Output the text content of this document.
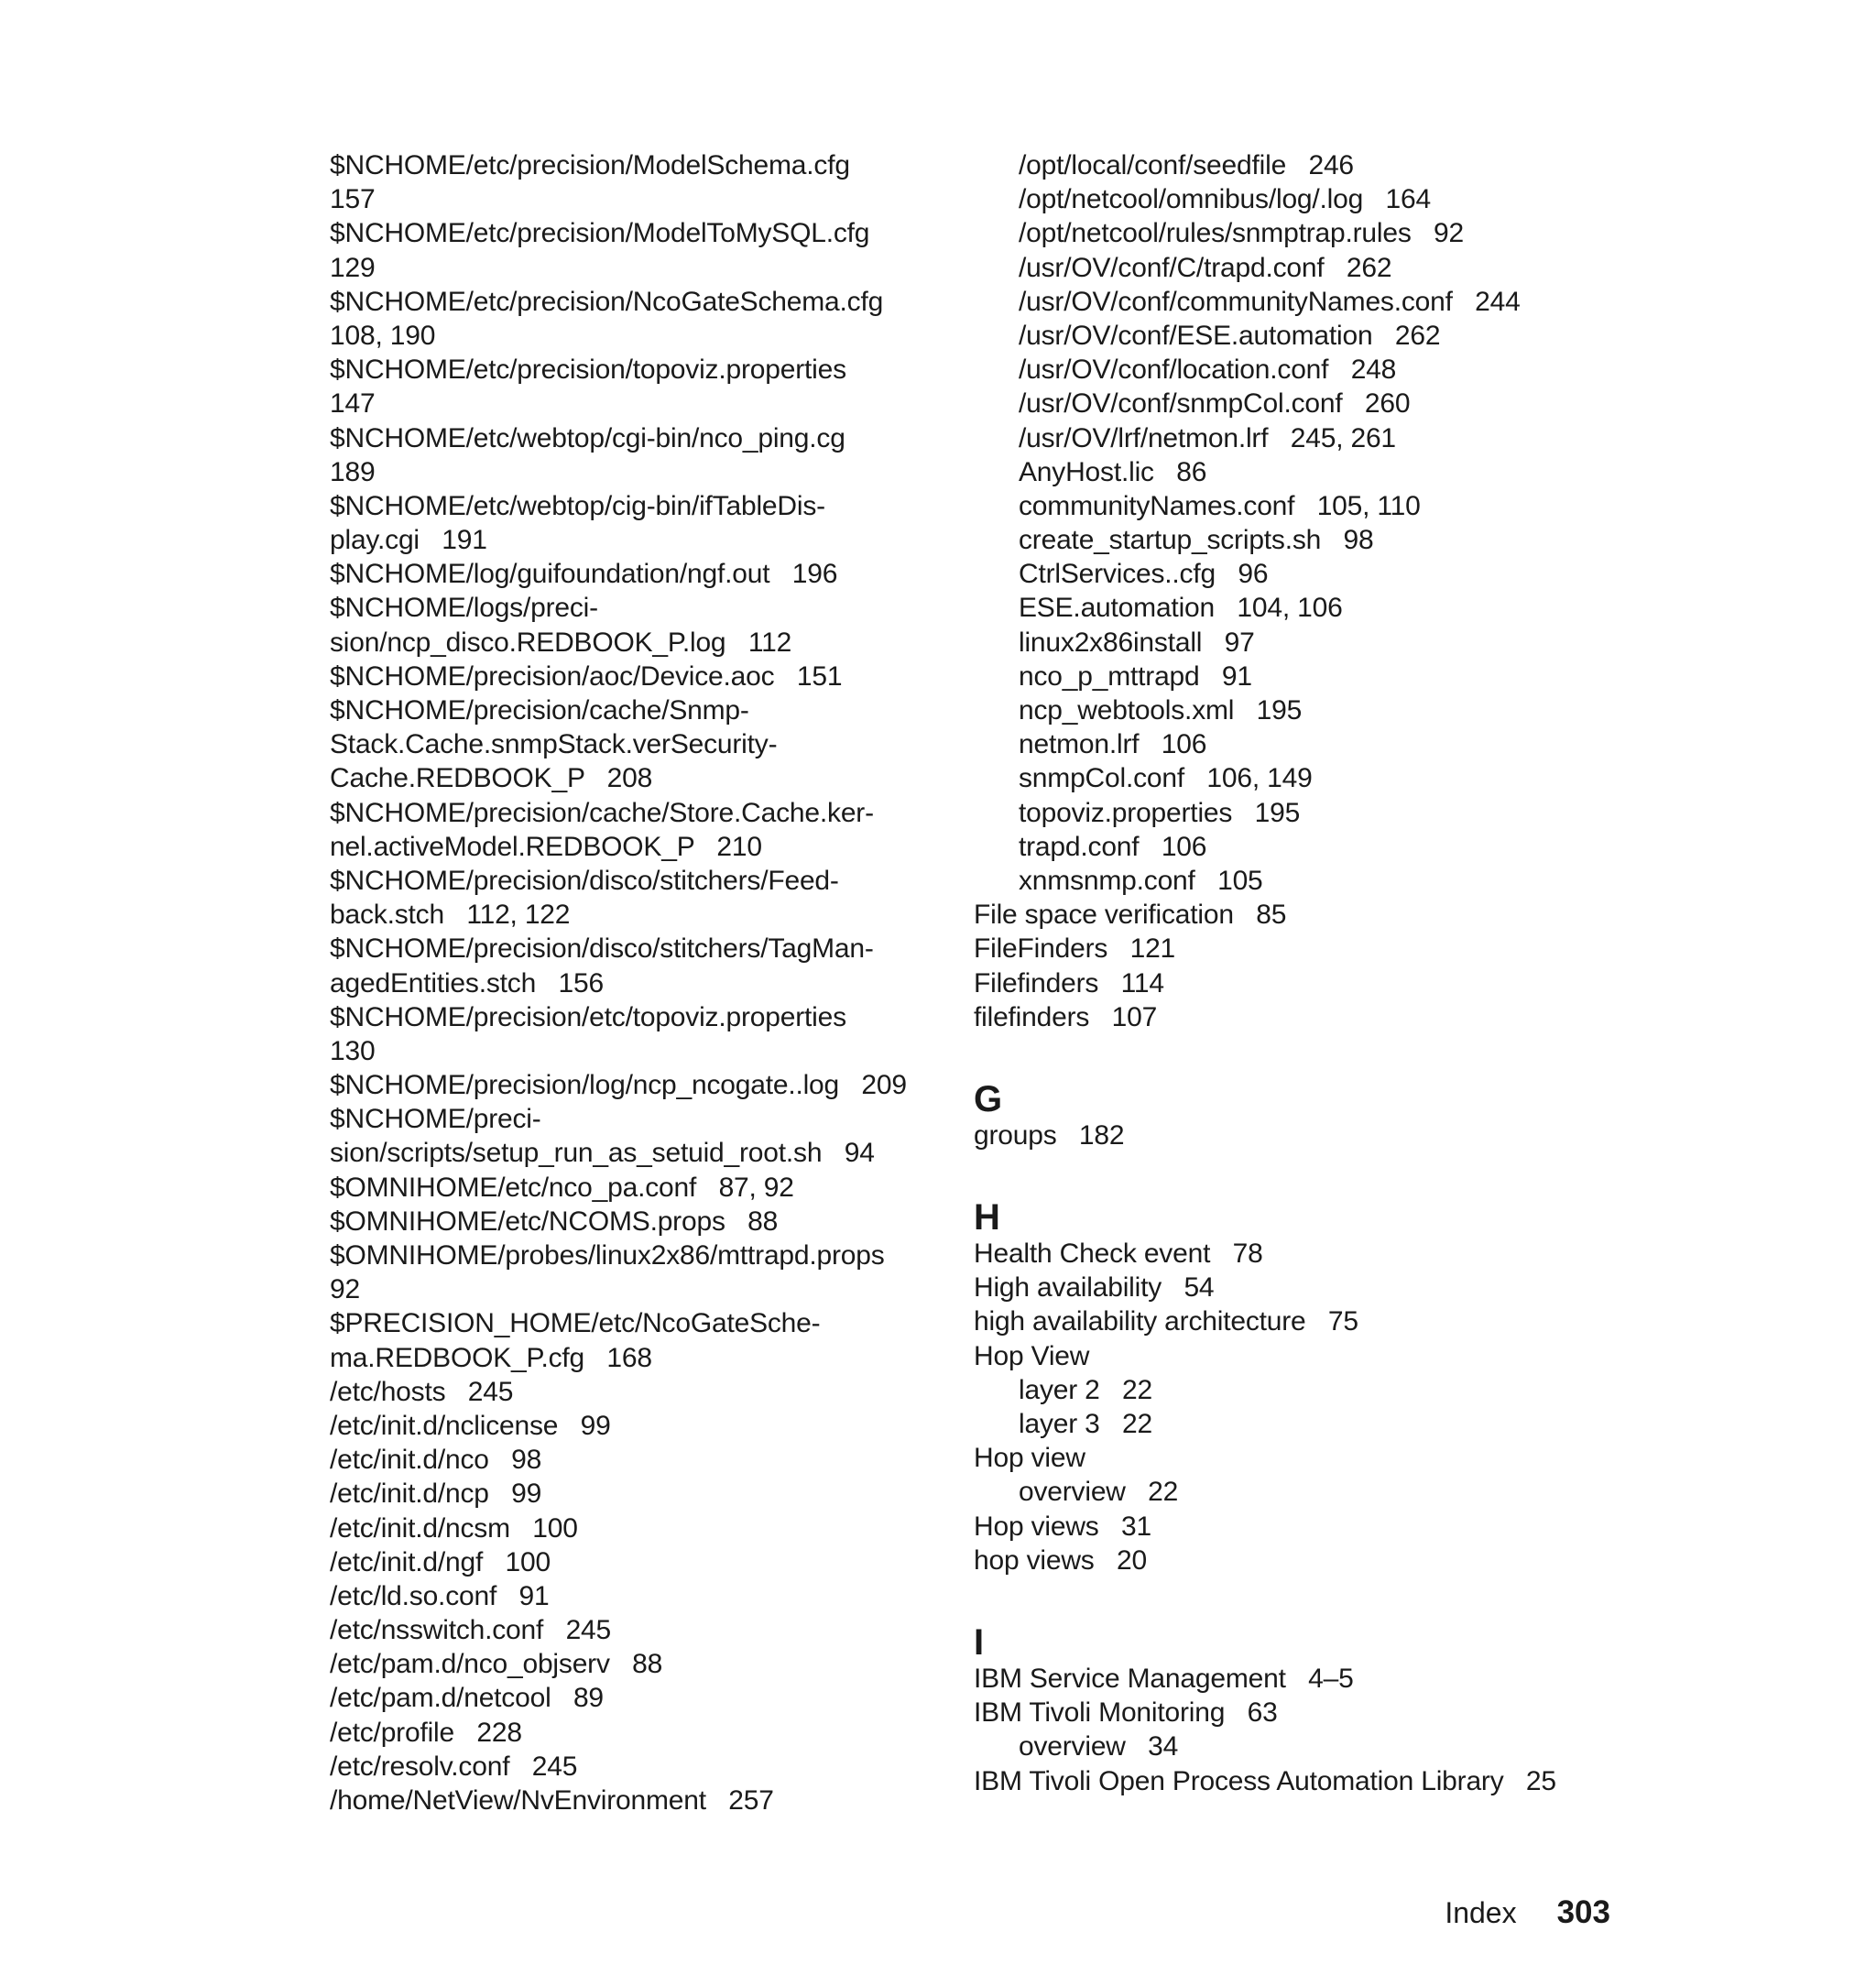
$NCHOME/etc/precision/ModelSchema.cfg
157
$NCHOME/etc/precision/ModelToMySQL.cfg
129
$NCHOME/etc/precision/NcoGateSchema.cfg
108, 190
$NCHOME/etc/precision/topoviz.properties
147
$NCHOME/etc/webtop/cgi-bin/nco_ping.cg
189
$NCHOME/etc/webtop/cig-bin/ifTableDis-
play.cgi   191
$NCHOME/log/guifoundation/ngf.out   196
$NCHOME/logs/preci-
sion/ncp_disco.REDBOOK_P.log   112
$NCHOME/precision/aoc/Device.aoc   151
$NCHOME/precision/cache/Snmp-
Stack.Cache.snmpStack.verSecurity-
Cache.REDBOOK_P   208
$NCHOME/precision/cache/Store.Cache.ker-
nel.activeModel.REDBOOK_P   210
$NCHOME/precision/disco/stitchers/Feed-
back.stch   112, 122
$NCHOME/precision/disco/stitchers/TagMan-
agedEntities.stch   156
$NCHOME/precision/etc/topoviz.properties
130
$NCHOME/precision/log/ncp_ncogate..log   209
$NCHOME/preci-
sion/scripts/setup_run_as_setuid_root.sh   94
$OMNIHOME/etc/nco_pa.conf   87, 92
$OMNIHOME/etc/NCOMS.props   88
$OMNIHOME/probes/linux2x86/mttrapd.props
92
$PRECISION_HOME/etc/NcoGateSche-
ma.REDBOOK_P.cfg   168
/etc/hosts   245
/etc/init.d/nclicense   99
/etc/init.d/nco   98
/etc/init.d/ncp   99
/etc/init.d/ncsm   100
/etc/init.d/ngf   100
/etc/ld.so.conf   91
/etc/nsswitch.conf   245
/etc/pam.d/nco_objserv   88
/etc/pam.d/netcool   89
/etc/profile   228
/etc/resolv.conf   245
/home/NetView/NvEnvironment   257
/opt/local/conf/seedfile   246
/opt/netcool/omnibus/log/.log   164
/opt/netcool/rules/snmptrap.rules   92
/usr/OV/conf/C/trapd.conf   262
/usr/OV/conf/communityNames.conf   244
/usr/OV/conf/ESE.automation   262
/usr/OV/conf/location.conf   248
/usr/OV/conf/snmpCol.conf   260
/usr/OV/lrf/netmon.lrf   245, 261
AnyHost.lic   86
communityNames.conf   105, 110
create_startup_scripts.sh   98
CtrlServices..cfg   96
ESE.automation   104, 106
linux2x86install   97
nco_p_mttrapd   91
ncp_webtools.xml   195
netmon.lrf   106
snmpCol.conf   106, 149
topoviz.properties   195
trapd.conf   106
xnmsnmp.conf   105
File space verification   85
FileFinders   121
Filefinders   114
filefinders   107
G
groups   182
H
Health Check event   78
High availability   54
high availability architecture   75
Hop View
layer 2   22
layer 3   22
Hop view
overview   22
Hop views   31
hop views   20
I
IBM Service Management   4–5
IBM Tivoli Monitoring   63
overview   34
IBM Tivoli Open Process Automation Library   25
Index 303
